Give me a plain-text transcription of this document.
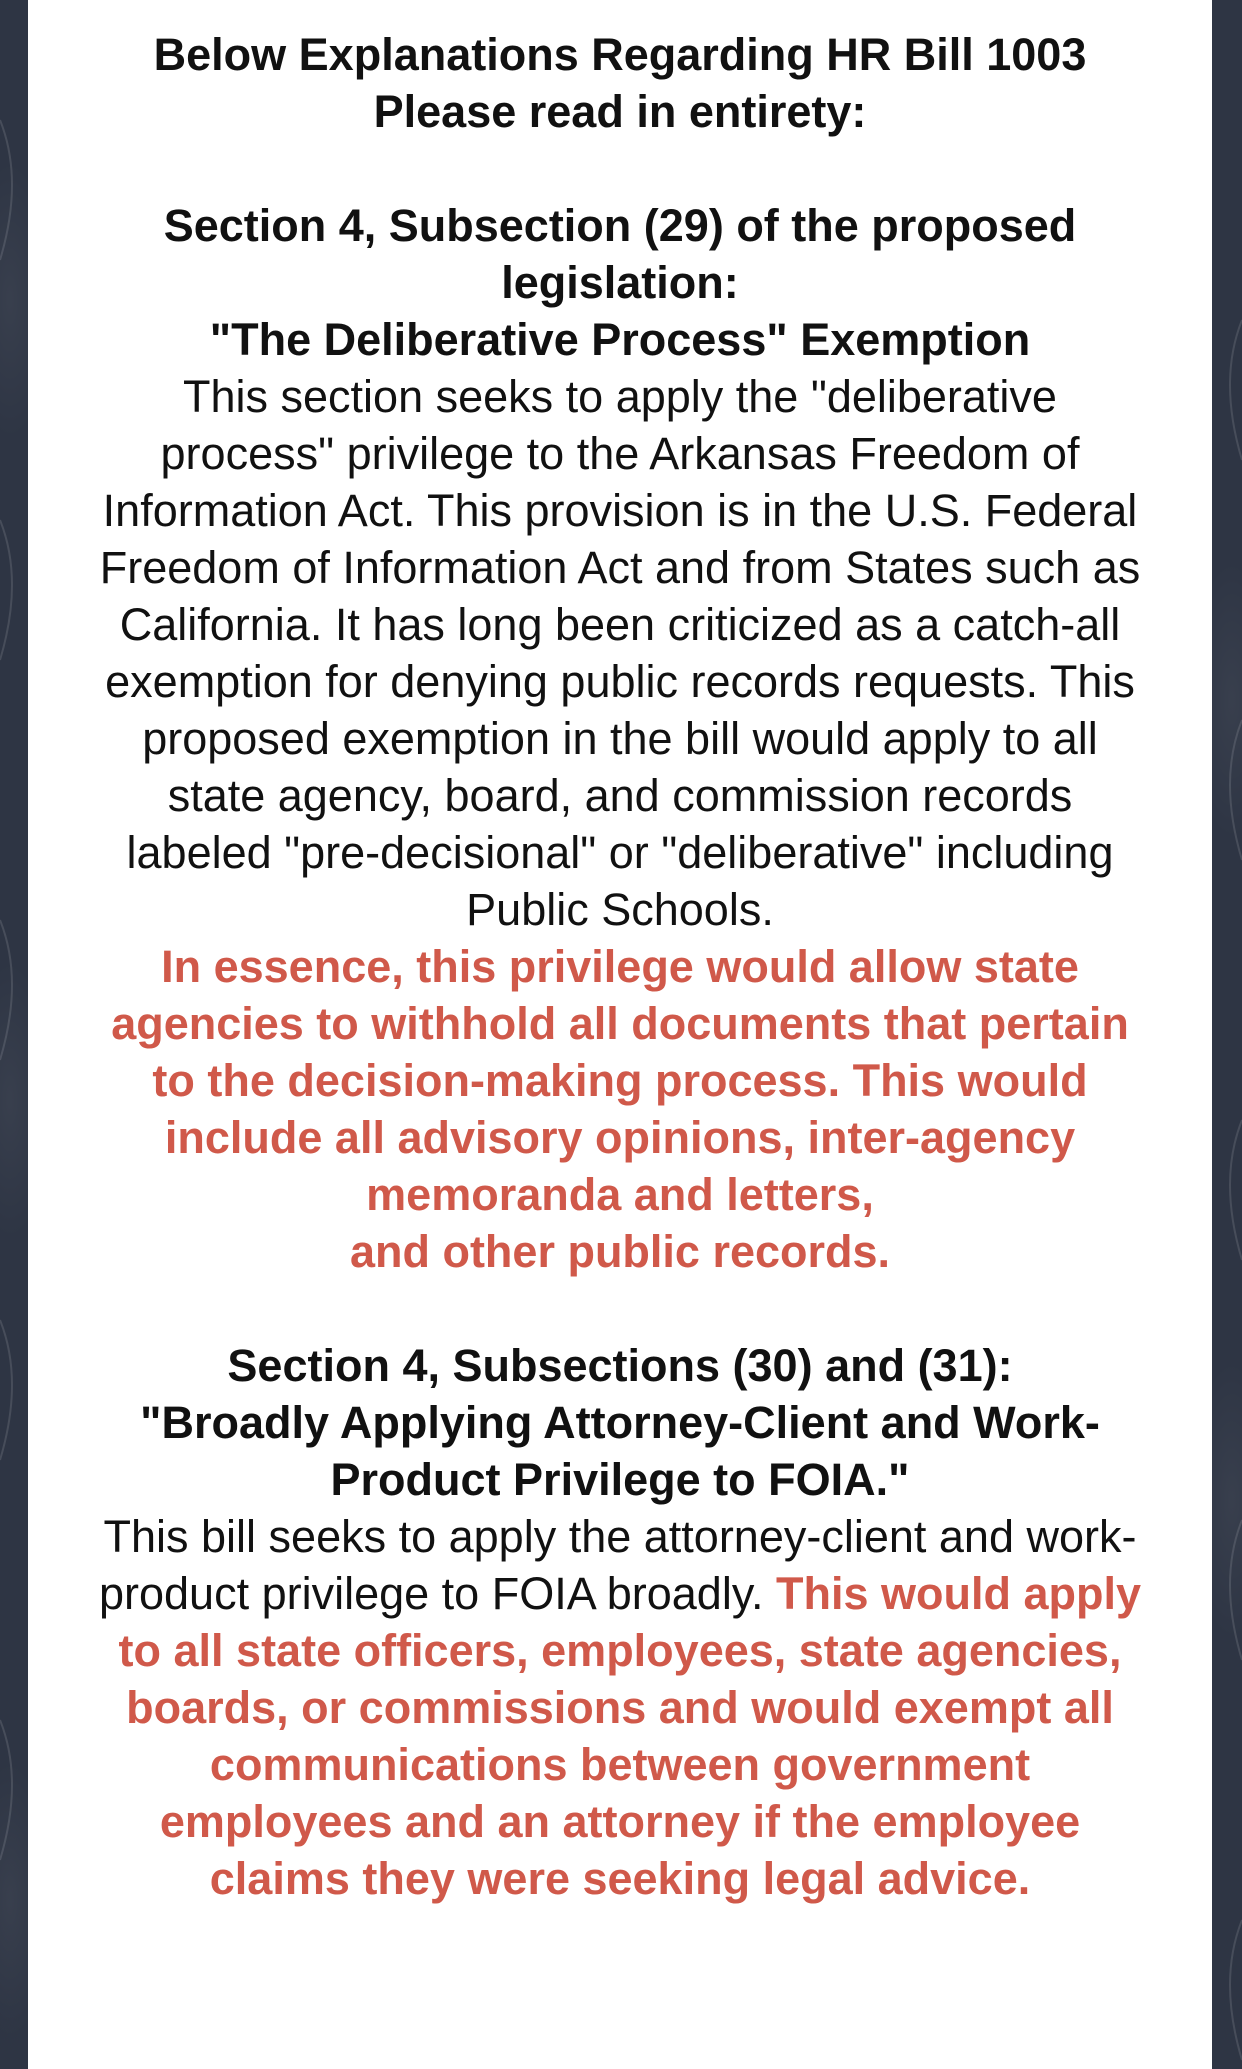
Below Explanations Regarding HR Bill 1003
Please read in entirety:

Section 4, Subsection (29) of the proposed legislation:

"The Deliberative Process" Exemption

This section seeks to apply the "deliberative process" privilege to the Arkansas Freedom of Information Act. This provision is in the U.S. Federal Freedom of Information Act and from States such as California. It has long been criticized as a catch-all exemption for denying public records requests. This proposed exemption in the bill would apply to all state agency, board, and commission records labeled "pre-decisional" or "deliberative" including Public Schools.

In essence, this privilege would allow state agencies to withhold all documents that pertain to the decision-making process. This would include all advisory opinions, inter-agency memoranda and letters,
and other public records.

Section 4, Subsections (30) and (31):

"Broadly Applying Attorney-Client and Work-Product Privilege to FOIA."

This bill seeks to apply the attorney-client and work-product privilege to FOIA broadly. This would apply to all state officers, employees, state agencies, boards, or commissions and would exempt all communications between government employees and an attorney if the employee claims they were seeking legal advice.
